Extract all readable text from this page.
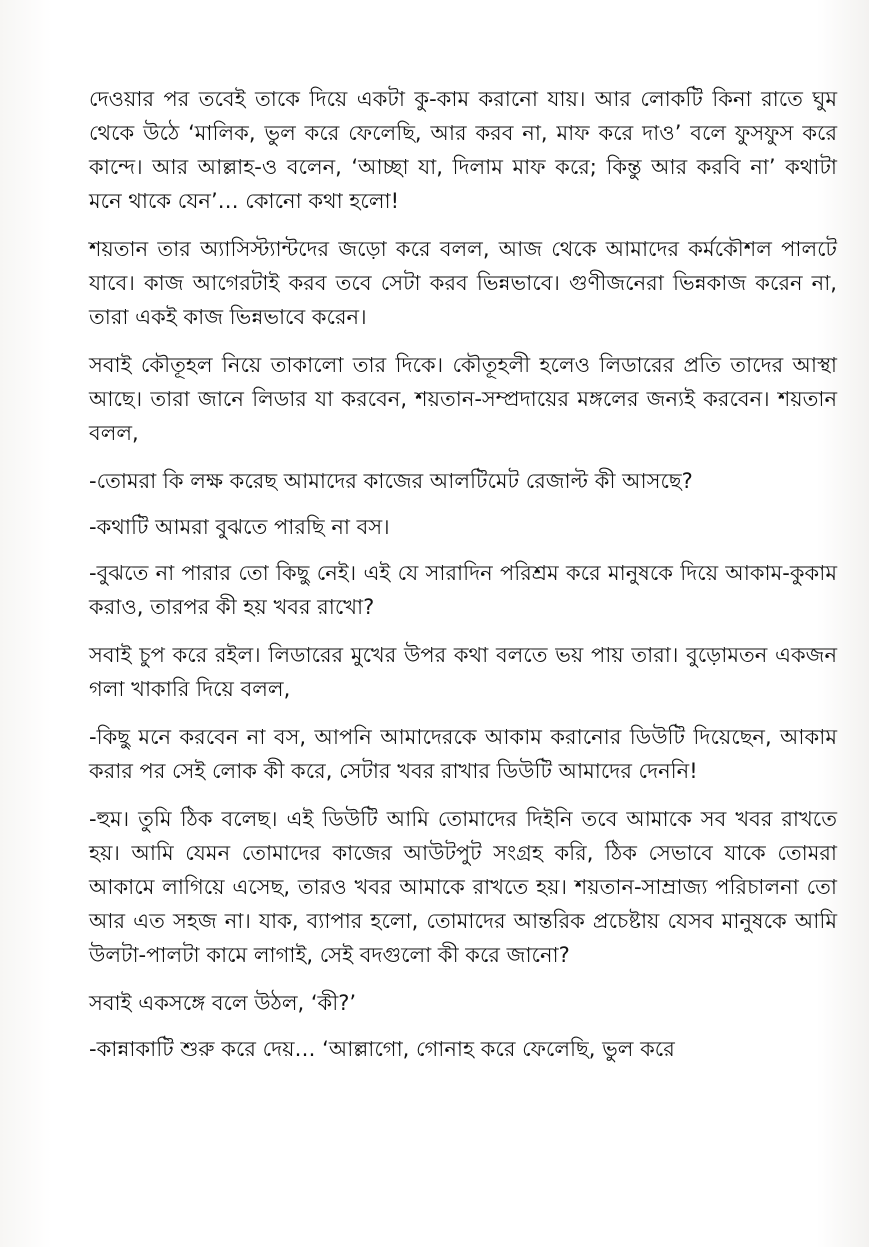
দেওয়ার পর তবেই তাকে দিয়ে একটা কু-কাম করানো যায়। আর লোকটি কিনা রাতে ঘুম থেকে উঠে ‘মালিক, ভুল করে ফেলেছি, আর করব না, মাফ করে দাও’ বলে ফুসফুস করে কান্দে। আর আল্লাহ-ও বলেন, ‘আচ্ছা যা, দিলাম মাফ করে; কিন্তু আর করবি না’ কথাটা মনে থাকে যেন’… কোনো কথা হলো!

শয়তান তার অ্যাসিস্ট্যান্টদের জড়ো করে বলল, আজ থেকে আমাদের কর্মকৌশল পালটে যাবে। কাজ আগেরটাই করব তবে সেটা করব ভিন্নভাবে। গুণীজনেরা ভিন্নকাজ করেন না, তারা একই কাজ ভিন্নভাবে করেন।

সবাই কৌতূহল নিয়ে তাকালো তার দিকে। কৌতূহলী হলেও লিডারের প্রতি তাদের আস্থা আছে। তারা জানে লিডার যা করবেন, শয়তান-সম্প্রদায়ের মঙ্গলের জন্যই করবেন। শয়তান বলল,

-তোমরা কি লক্ষ করেছ আমাদের কাজের আলটিমেট রেজাল্ট কী আসছে?

-কথাটি আমরা বুঝতে পারছি না বস।

-বুঝতে না পারার তো কিছু নেই। এই যে সারাদিন পরিশ্রম করে মানুষকে দিয়ে আকাম-কুকাম করাও, তারপর কী হয় খবর রাখো?

সবাই চুপ করে রইল। লিডারের মুখের উপর কথা বলতে ভয় পায় তারা। বুড়োমতন একজন গলা খাকারি দিয়ে বলল,

-কিছু মনে করবেন না বস, আপনি আমাদেরকে আকাম করানোর ডিউটি দিয়েছেন, আকাম করার পর সেই লোক কী করে, সেটার খবর রাখার ডিউটি আমাদের দেননি!

-হুম। তুমি ঠিক বলেছ। এই ডিউটি আমি তোমাদের দিইনি তবে আমাকে সব খবর রাখতে হয়। আমি যেমন তোমাদের কাজের আউটপুট সংগ্রহ করি, ঠিক সেভাবে যাকে তোমরা আকামে লাগিয়ে এসেছ, তারও খবর আমাকে রাখতে হয়। শয়তান-সাম্রাজ্য পরিচালনা তো আর এত সহজ না। যাক, ব্যাপার হলো, তোমাদের আন্তরিক প্রচেষ্টায় যেসব মানুষকে আমি উলটা-পালটা কামে লাগাই, সেই বদগুলো কী করে জানো?

সবাই একসঙ্গে বলে উঠল, ‘কী?’

-কান্নাকাটি শুরু করে দেয়… ‘আল্লাগো, গোনাহ করে ফেলেছি, ভুল করে
